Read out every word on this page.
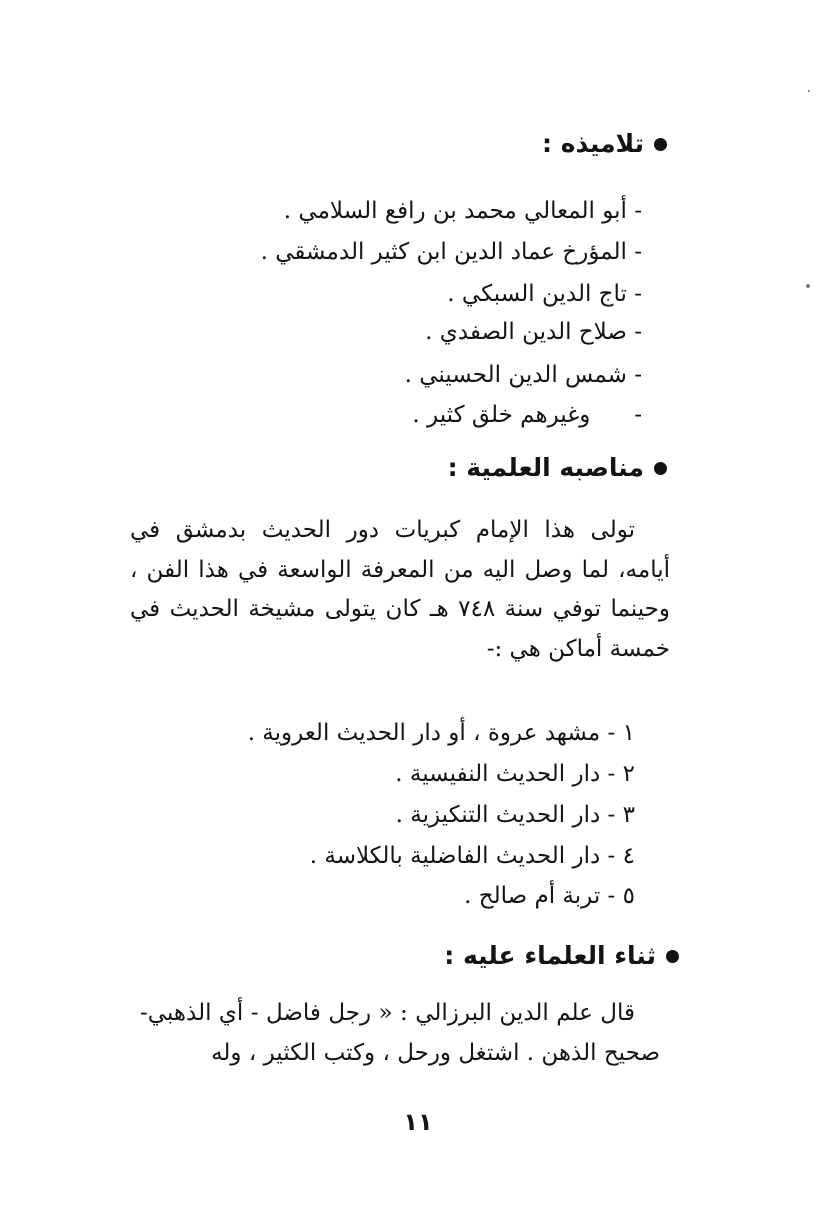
تلاميذه :
- أبو المعالي محمد بن رافع السلامي .
- المؤرخ عماد الدين ابن كثير الدمشقي .
- تاج الدين السبكي .
- صلاح الدين الصفدي .
- شمس الدين الحسيني .
-      وغيرهم خلق كثير .
مناصبه العلمية :
تولى هذا الإمام كبريات دور الحديث بدمشق في أيامه، لما وصل اليه من المعرفة الواسعة في هذا الفن ، وحينما توفي سنة ٧٤٨ هـ كان يتولى مشيخة الحديث في خمسة أماكن هي :-
١ - مشهد عروة ، أو دار الحديث العروية .
٢ - دار الحديث النفيسية .
٣ - دار الحديث التنكيزية .
٤ - دار الحديث الفاضلية بالكلاسة .
٥ - تربة أم صالح .
ثناء العلماء عليه :
قال علم الدين البرزالي : « رجل فاضل - أي الذهبي- صحيح الذهن . اشتغل ورحل ، وكتب الكثير ، وله
١١
